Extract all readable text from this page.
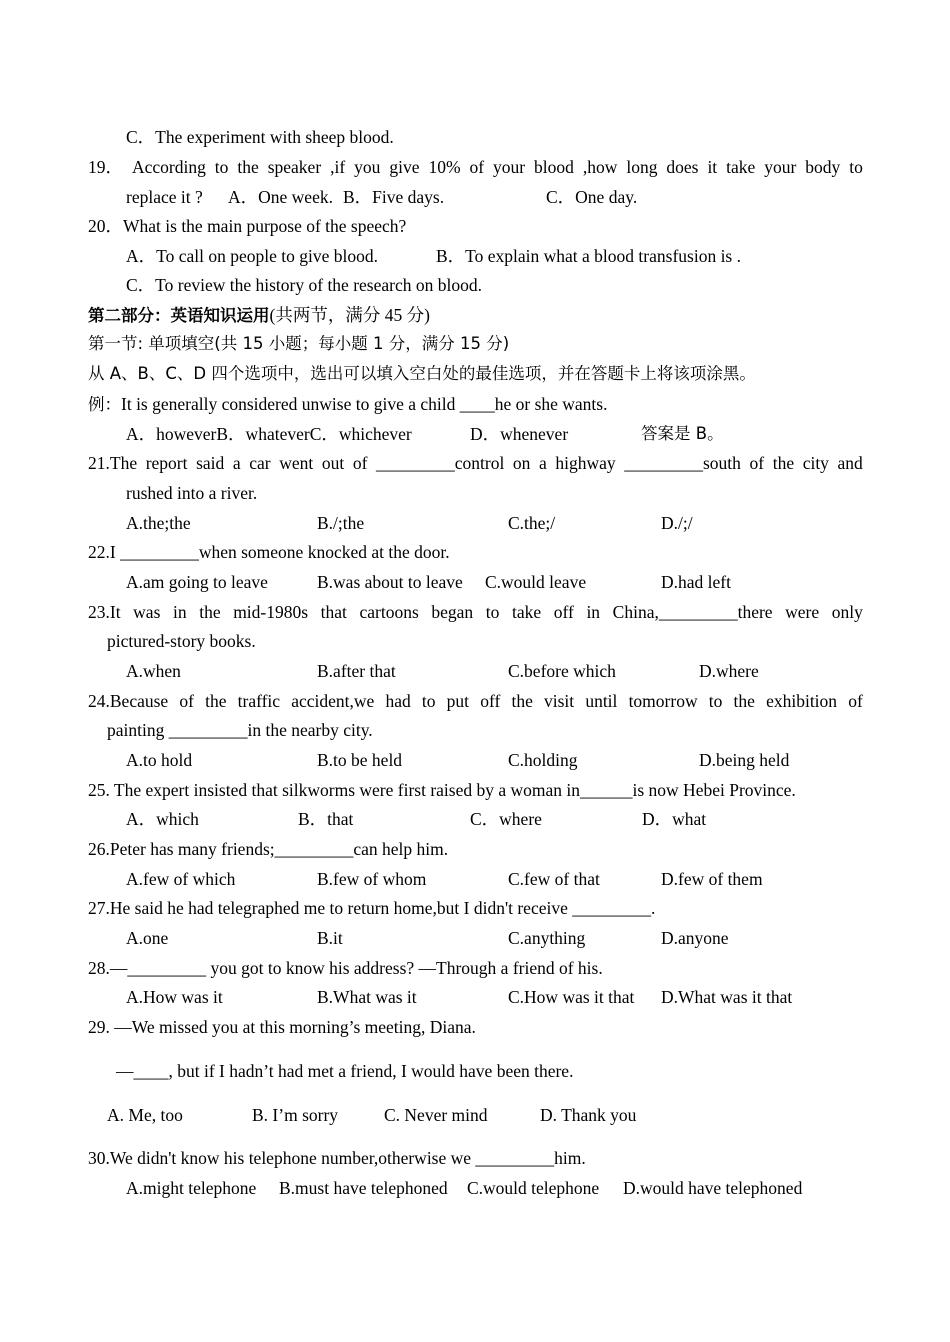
C．The experiment with sheep blood.
19． According to the speaker ,if you give 10% of your blood ,how long does it take your body to
replace it ? A．One week. B．Five days.	C．One day.
20．What is the main purpose of the speech?
A．To call on people to give blood.	B．To explain what a blood transfusion is .
C．To review the history of the research on blood.
第二部分：英语知识运用(共两节，满分 45 分)
第一节: 单项填空(共 15 小题；每小题 1 分，满分 15 分)
从 A、B、C、D 四个选项中，选出可以填入空白处的最佳选项，并在答题卡上将该项涂黑。
例：It is generally considered unwise to give a child ____he or she wants.
A．howeverB．whateverC．whichever	D．whenever	答案是 B。
21.The report said a car went out of _________control on a highway _________south of the city and
rushed into a river.
A.the;the	B./;the	C.the;/	D./;/
22.I _________when someone knocked at the door.
A.am going to leave	B.was about to leave C.would leave	D.had left
23.It was in the mid-1980s that cartoons began to take off in China,_________there were only
pictured-story books.
A.when	B.after that	C.before which	D.where
24.Because of the traffic accident,we had to put off the visit until tomorrow to the exhibition of
painting _________in the nearby city.
A.to hold	B.to be held	C.holding	D.being held
25. The expert insisted that silkworms were first raised by a woman in______is now Hebei Province.
A．which	B．that	C．where	D．what
26.Peter has many friends;_________can help him.
A.few of which	B.few of whom	C.few of that	D.few of them
27.He said he had telegraphed me to return home,but I didn't receive _________.
A.one	B.it	C.anything	D.anyone
28.—_________ you got to know his address? —Through a friend of his.
A.How was it	B.What was it	C.How was it that D.What was it that
29. —We missed you at this morning’s meeting, Diana.
—____, but if I hadn’t had met a friend, I would have been there.
A. Me, too	B. I’m sorry	C. Never mind	D. Thank you
30.We didn't know his telephone number,otherwise we _________him.
A.might telephone B.must have telephoned C.would telephone D.would have telephoned
